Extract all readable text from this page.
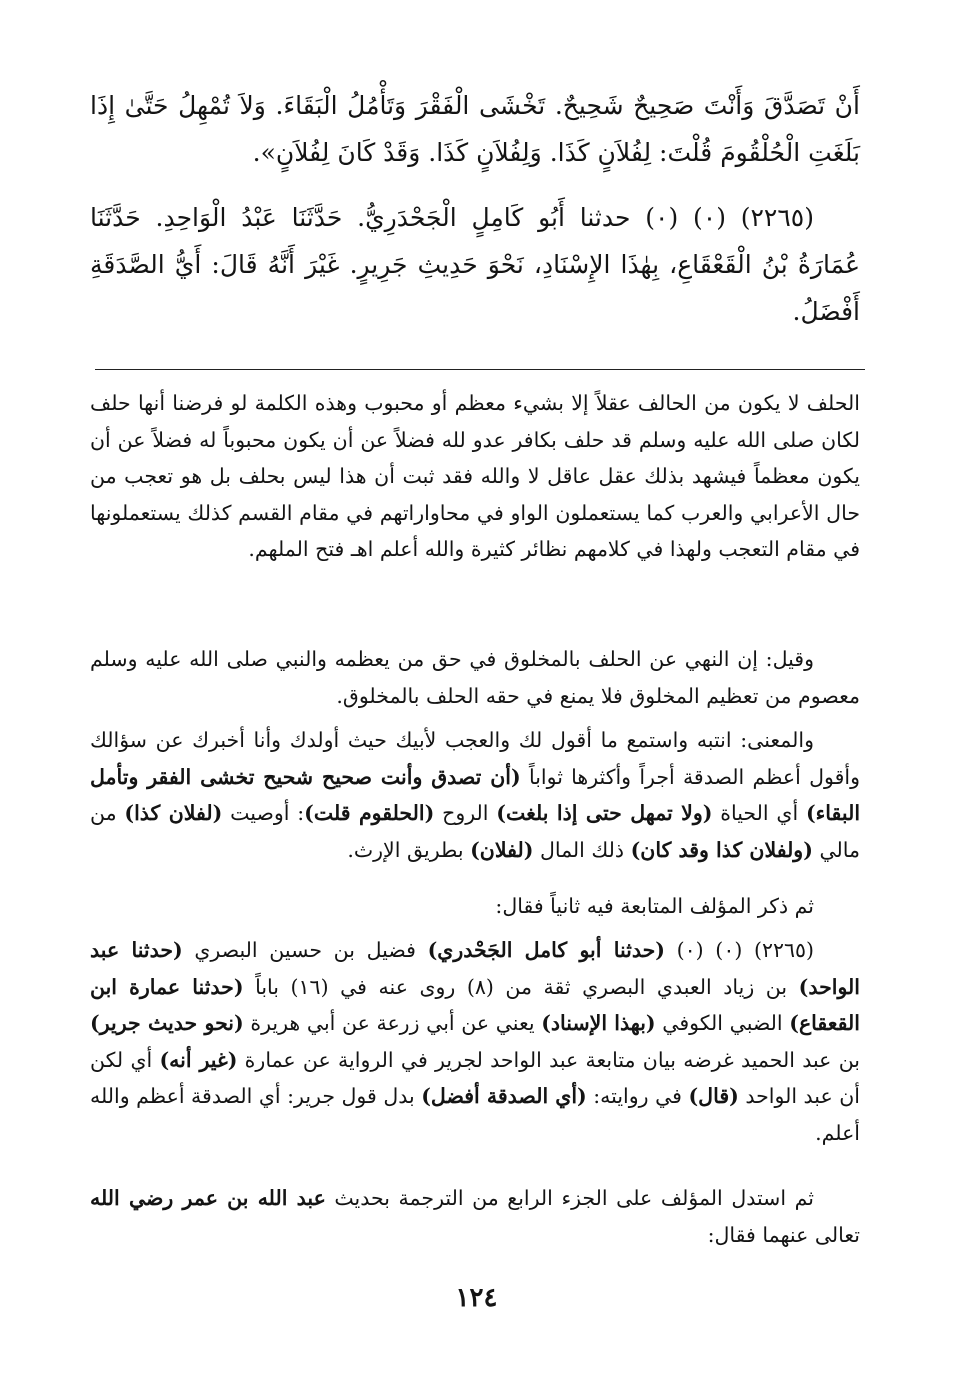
أَنْ تَصَدَّقَ وَأَنْتَ صَحِيحٌ شَحِيحٌ. تَخْشَى الْفَقْرَ وَتَأْمُلُ الْبَقَاءَ. وَلاَ تُمْهِلُ حَتَّىٰ إِذَا بَلَغَتِ الْحُلْقُومَ قُلْتَ: لِفُلاَنٍ كَذَا. وَلِفُلاَنٍ كَذَا. وَقَدْ كَانَ لِفُلاَنٍ».

(٢٢٦٥) (٠) (٠) حدثنا أَبُو كَامِلٍ الْجَحْدَرِيُّ. حَدَّثَنَا عَبْدُ الْوَاحِدِ. حَدَّثَنَا عُمَارَةُ بْنُ الْقَعْقَاعِ، بِهٰذَا الإِسْنَادِ، نَحْوَ حَدِيثِ جَرِيرٍ. غَيْرَ أَنَّهُ قَالَ: أَيُّ الصَّدَقَةِ أَفْضَلُ.

الحلف لا يكون من الحالف عقلاً إلا بشيء معظم أو محبوب وهذه الكلمة لو فرضنا أنها حلف لكان صلى الله عليه وسلم قد حلف بكافر عدو لله فضلاً عن أن يكون محبوباً له فضلاً عن أن يكون معظماً فيشهد بذلك عقل عاقل لا والله فقد ثبت أن هذا ليس بحلف بل هو تعجب من حال الأعرابي والعرب كما يستعملون الواو في محاواراتهم في مقام القسم كذلك يستعملونها في مقام التعجب ولهذا في كلامهم نظائر كثيرة والله أعلم اهـ فتح الملهم.

وقيل: إن النهي عن الحلف بالمخلوق في حق من يعظمه والنبي صلى الله عليه وسلم معصوم من تعظيم المخلوق فلا يمنع في حقه الحلف بالمخلوق.

والمعنى: انتبه واستمع ما أقول لك والعجب لأبيك حيث أولدك وأنا أخبرك عن سؤالك وأقول أعظم الصدقة أجراً وأكثرها ثواباً (أن تصدق وأنت صحيح شحيح تخشى الفقر وتأمل البقاء) أي الحياة (ولا تمهل حتى إذا بلغت) الروح (الحلقوم قلت): أوصيت (لفلان كذا) من مالي (ولفلان كذا وقد كان) ذلك المال (لفلان) بطريق الإرث.

ثم ذكر المؤلف المتابعة فيه ثانياً فقال:

(٢٢٦٥) (٠) (٠) (حدثنا أبو كامل الجَحْدري) فضيل بن حسين البصري (حدثنا عبد الواحد) بن زياد العبدي البصري ثقة من (٨) روى عنه في (١٦) باباً (حدثنا عمارة ابن القعقاع) الضبي الكوفي (بهذا الإسناد) يعني عن أبي زرعة عن أبي هريرة (نحو حديث جرير) بن عبد الحميد غرضه بيان متابعة عبد الواحد لجرير في الرواية عن عمارة (غير أنه) أي لكن أن عبد الواحد (قال) في روايته: (أي الصدقة أفضل) بدل قول جرير: أي الصدقة أعظم والله أعلم.

ثم استدل المؤلف على الجزء الرابع من الترجمة بحديث عبد الله بن عمر رضي الله تعالى عنهما فقال:

١٢٤
